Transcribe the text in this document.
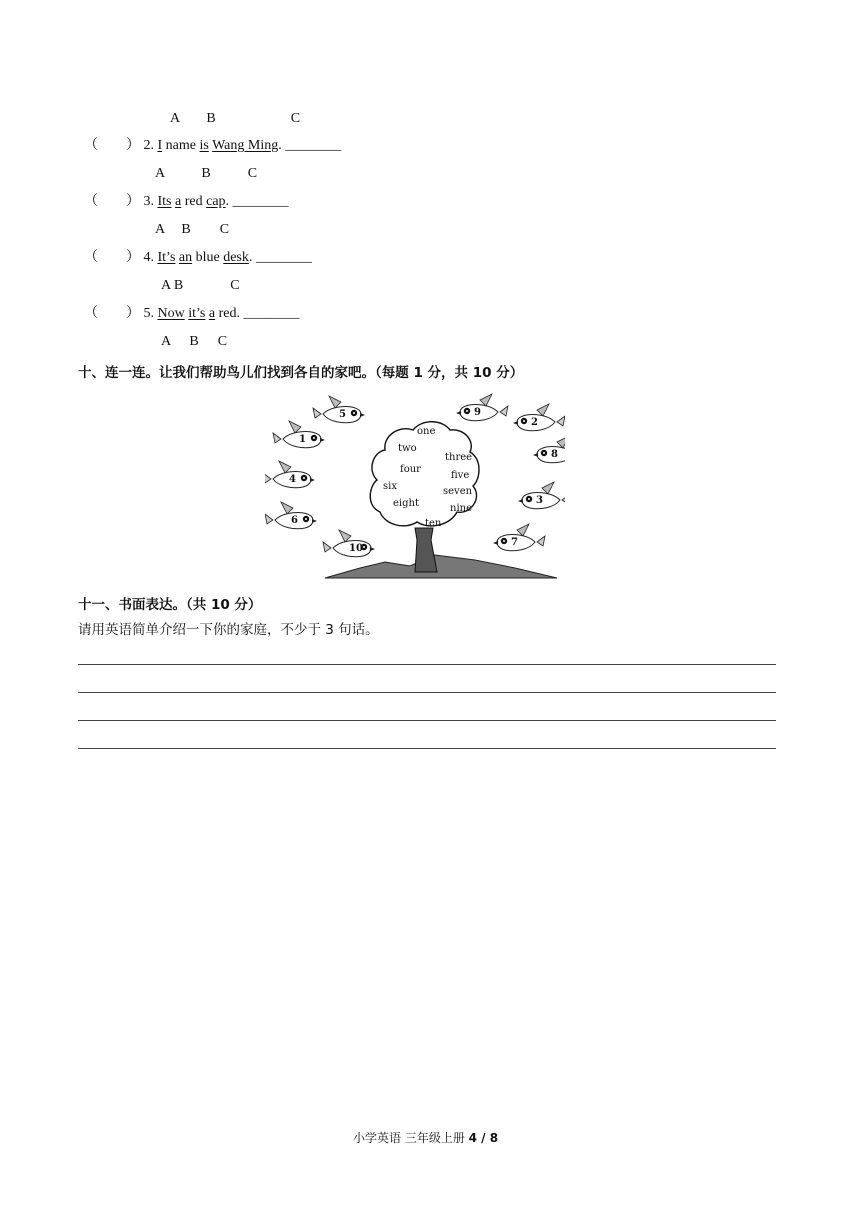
A B	C
（　　） 2. I name is Wang Ming. ________
A	B	C
（　　） 3. Its a red cap. ________
A B C
（　　） 4. It’s an blue desk. ________
A B	C
（　　） 5. Now it’s a red. ________
A B C
十、连一连。让我们帮助鸟儿们找到各自的家吧。（每题 1 分，共 10 分）
one
two
three
four
five
six	seven
eight	nine
ten
5	9
1
2
8
4
3
6
7
10
十一、书面表达。（共 10 分）
请用英语简单介绍一下你的家庭，不少于 3 句话。
小学英语 三年级上册 4 / 8
